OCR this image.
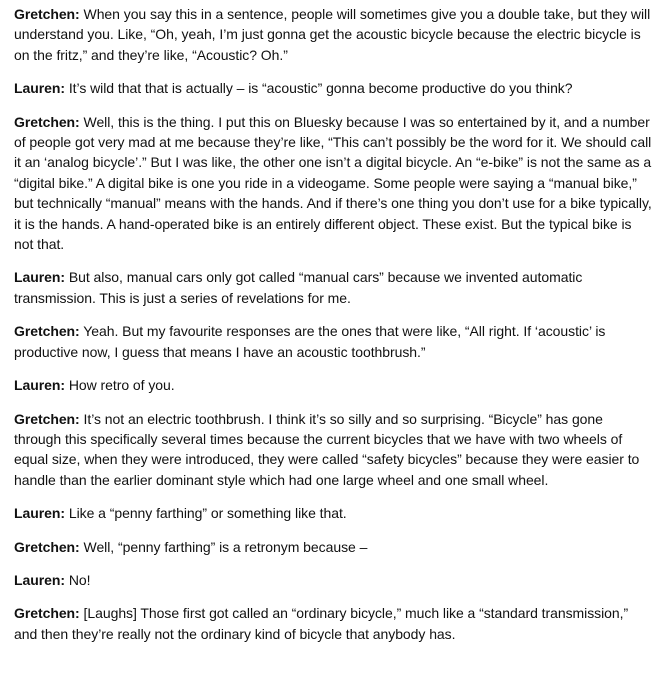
Gretchen: When you say this in a sentence, people will sometimes give you a double take, but they will understand you. Like, “Oh, yeah, I’m just gonna get the acoustic bicycle because the electric bicycle is on the fritz,” and they’re like, “Acoustic? Oh.”

Lauren: It’s wild that that is actually – is “acoustic” gonna become productive do you think?

Gretchen: Well, this is the thing. I put this on Bluesky because I was so entertained by it, and a number of people got very mad at me because they’re like, “This can’t possibly be the word for it. We should call it an ‘analog bicycle’.” But I was like, the other one isn’t a digital bicycle. An “e-bike” is not the same as a “digital bike.” A digital bike is one you ride in a videogame. Some people were saying a “manual bike,” but technically “manual” means with the hands. And if there’s one thing you don’t use for a bike typically, it is the hands. A hand-operated bike is an entirely different object. These exist. But the typical bike is not that.

Lauren: But also, manual cars only got called “manual cars” because we invented automatic transmission. This is just a series of revelations for me.

Gretchen: Yeah. But my favourite responses are the ones that were like, “All right. If ‘acoustic’ is productive now, I guess that means I have an acoustic toothbrush.”

Lauren: How retro of you.

Gretchen: It’s not an electric toothbrush. I think it’s so silly and so surprising. “Bicycle” has gone through this specifically several times because the current bicycles that we have with two wheels of equal size, when they were introduced, they were called “safety bicycles” because they were easier to handle than the earlier dominant style which had one large wheel and one small wheel.

Lauren: Like a “penny farthing” or something like that.

Gretchen: Well, “penny farthing” is a retronym because –

Lauren: No!

Gretchen: [Laughs] Those first got called an “ordinary bicycle,” much like a “standard transmission,” and then they’re really not the ordinary kind of bicycle that anybody has.
